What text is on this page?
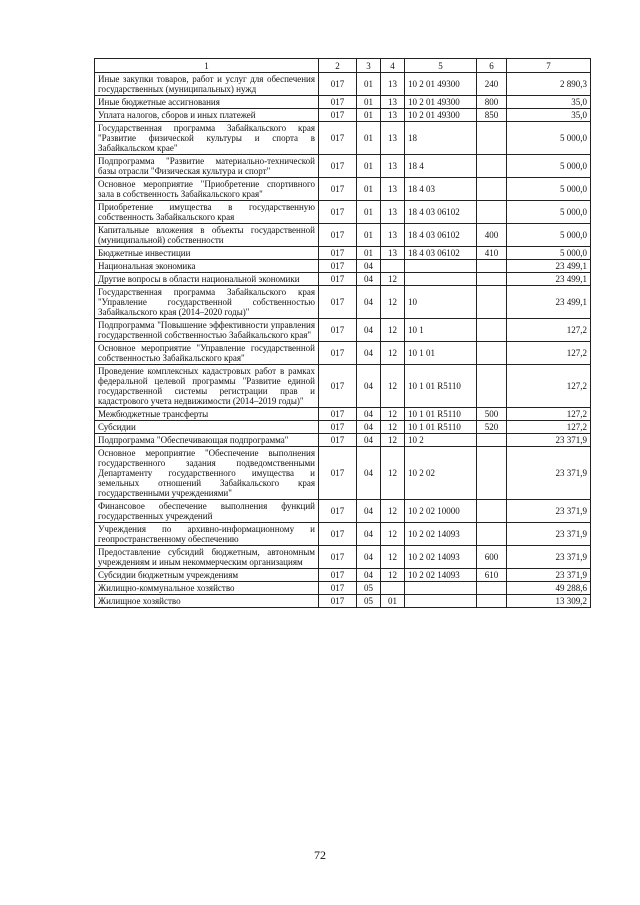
1	2	3	4	5	6	7
Иные закупки товаров, работ и услуг для обеспечения государственных (муниципальных) нужд	017	01	13	10 2 01 49300	240	2 890,3
Иные бюджетные ассигнования	017	01	13	10 2 01 49300	800	35,0
Уплата налогов, сборов и иных платежей	017	01	13	10 2 01 49300	850	35,0
Государственная программа Забайкальского края "Развитие физической культуры и спорта в Забайкальском крае"	017	01	13	18		5 000,0
Подпрограмма "Развитие материально-технической базы отрасли "Физическая культура и спорт"	017	01	13	18 4		5 000,0
Основное мероприятие "Приобретение спортивного зала в собственность Забайкальского края"	017	01	13	18 4 03		5 000,0
Приобретение имущества в государственную собственность Забайкальского края	017	01	13	18 4 03 06102		5 000,0
Капитальные вложения в объекты государственной (муниципальной) собственности	017	01	13	18 4 03 06102	400	5 000,0
Бюджетные инвестиции	017	01	13	18 4 03 06102	410	5 000,0
Национальная экономика	017	04				23 499,1
Другие вопросы в области национальной экономики	017	04	12			23 499,1
Государственная программа Забайкальского края "Управление государственной собственностью Забайкальского края (2014–2020 годы)"	017	04	12	10		23 499,1
Подпрограмма "Повышение эффективности управления государственной собственностью Забайкальского края"	017	04	12	10 1		127,2
Основное мероприятие "Управление государственной собственностью Забайкальского края"	017	04	12	10 1 01		127,2
Проведение комплексных кадастровых работ в рамках федеральной целевой программы "Развитие единой государственной системы регистрации прав и кадастрового учета недвижимости (2014–2019 годы)"	017	04	12	10 1 01 R5110		127,2
Межбюджетные трансферты	017	04	12	10 1 01 R5110	500	127,2
Субсидии	017	04	12	10 1 01 R5110	520	127,2
Подпрограмма "Обеспечивающая подпрограмма"	017	04	12	10 2		23 371,9
Основное мероприятие "Обеспечение выполнения государственного задания подведомственными Департаменту государственного имущества и земельных отношений Забайкальского края государственными учреждениями"	017	04	12	10 2 02		23 371,9
Финансовое обеспечение выполнения функций государственных учреждений	017	04	12	10 2 02 10000		23 371,9
Учреждения по архивно-информационному и геопространственному обеспечению	017	04	12	10 2 02 14093		23 371,9
Предоставление субсидий бюджетным, автономным учреждениям и иным некоммерческим организациям	017	04	12	10 2 02 14093	600	23 371,9
Субсидии бюджетным учреждениям	017	04	12	10 2 02 14093	610	23 371,9
Жилищно-коммунальное хозяйство	017	05				49 288,6
Жилищное хозяйство	017	05	01			13 309,2
72
